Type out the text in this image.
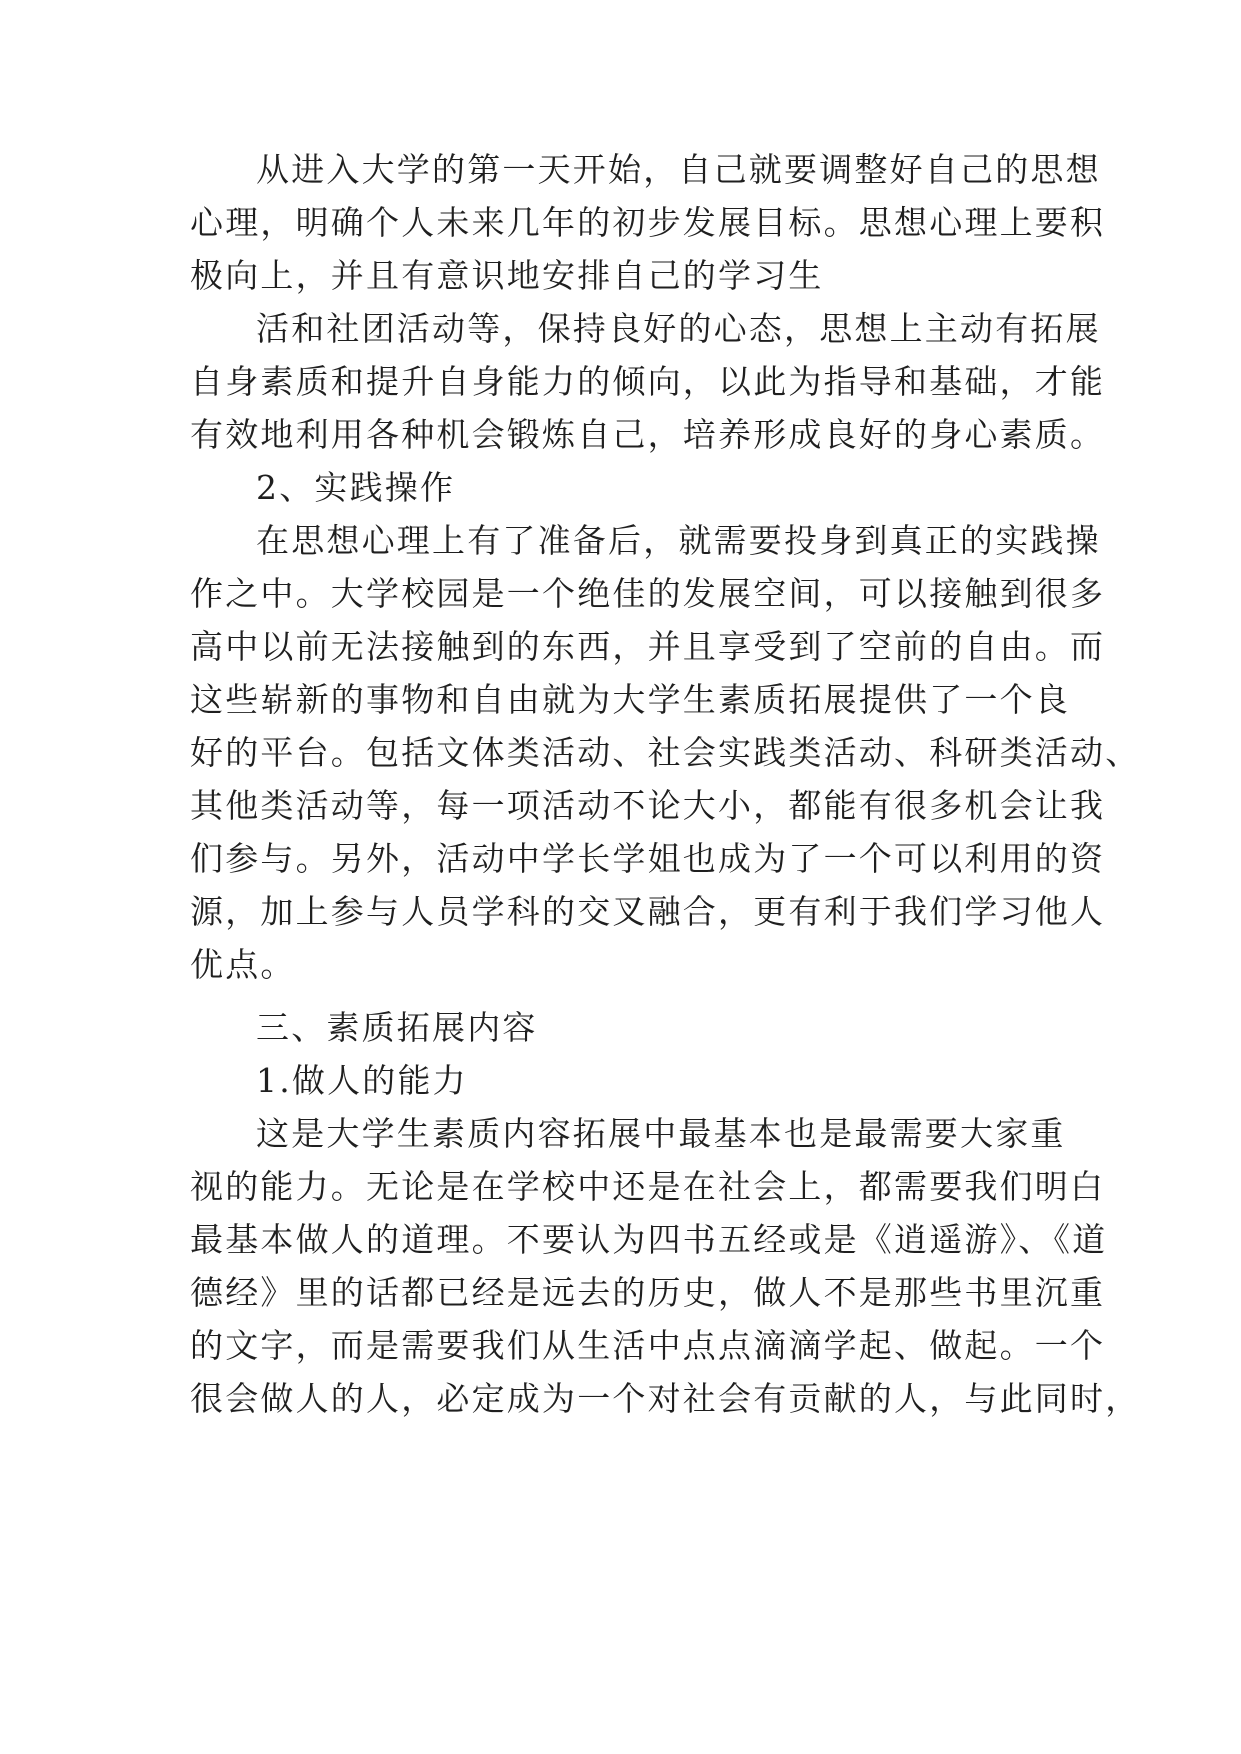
从进入大学的第一天开始，自己就要调整好自己的思想
心理，明确个人未来几年的初步发展目标。思想心理上要积
极向上，并且有意识地安排自己的学习生
活和社团活动等，保持良好的心态，思想上主动有拓展
自身素质和提升自身能力的倾向，以此为指导和基础，才能
有效地利用各种机会锻炼自己，培养形成良好的身心素质。
2、实践操作
在思想心理上有了准备后，就需要投身到真正的实践操
作之中。大学校园是一个绝佳的发展空间，可以接触到很多
高中以前无法接触到的东西，并且享受到了空前的自由。而
这些崭新的事物和自由就为大学生素质拓展提供了一个良
好的平台。包括文体类活动、社会实践类活动、科研类活动、
其他类活动等，每一项活动不论大小，都能有很多机会让我
们参与。另外，活动中学长学姐也成为了一个可以利用的资
源，加上参与人员学科的交叉融合，更有利于我们学习他人
优点。
三、素质拓展内容
1.做人的能力
这是大学生素质内容拓展中最基本也是最需要大家重
视的能力。无论是在学校中还是在社会上，都需要我们明白
最基本做人的道理。不要认为四书五经或是《逍遥游》、《道
德经》里的话都已经是远去的历史，做人不是那些书里沉重
的文字，而是需要我们从生活中点点滴滴学起、做起。一个
很会做人的人，必定成为一个对社会有贡献的人，与此同时，
